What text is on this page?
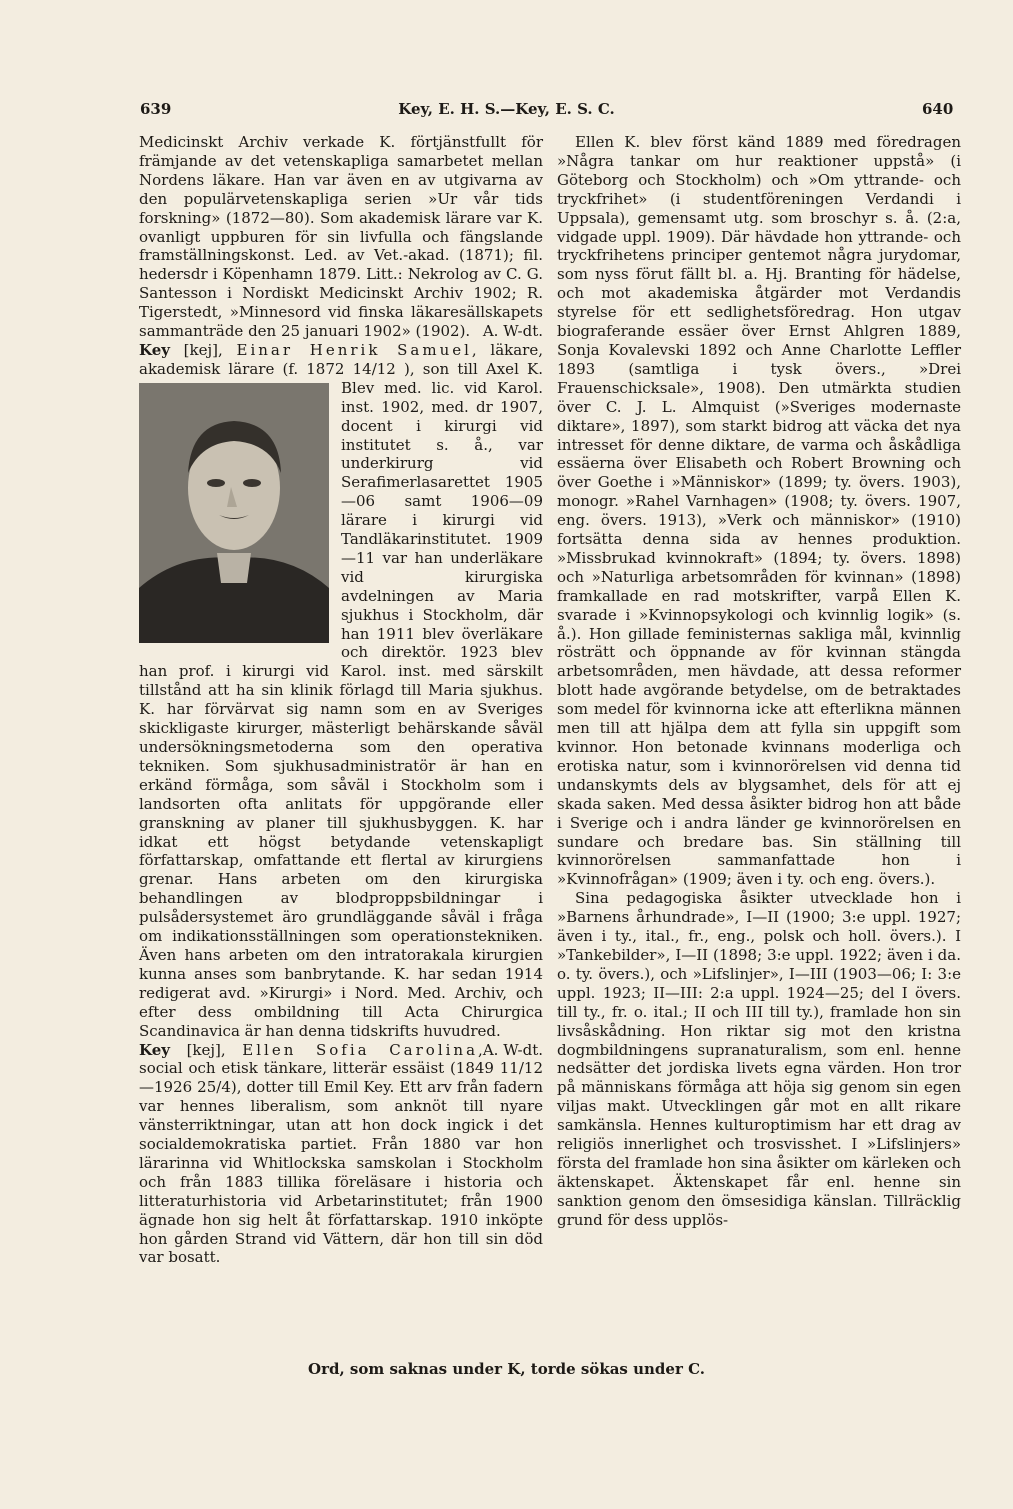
639	Key, E. H. S.—Key, E. S. C.	640

Medicinskt Archiv verkade K. förtjänstfullt för främjande av det vetenskapliga samarbetet mellan Nordens läkare. Han var även en av utgivarna av den populärvetenskapliga serien »Ur vår tids forskning» (1872—80). Som akademisk lärare var K. ovanligt uppburen för sin livfulla och fängslande framställningskonst. Led. av Vet.-akad. (1871); fil. hedersdr i Köpenhamn 1879. Litt.: Nekrolog av C. G. Santesson i Nordiskt Medicinskt Archiv 1902; R. Tigerstedt, »Minnesord vid finska läkaresällskapets sammanträde den 25 januari 1902» (1902). A. W-dt.

Key [kej], Einar Henrik Samuel, läkare, akademisk lärare (f. 1872 14/12 ), son till Axel K. Blev med. lic. vid Karol. inst. 1902, med. dr 1907, docent i kirurgi vid institutet s. å., var underkirurg vid Serafimerlasarettet 1905—06 samt 1906—09 lärare i kirurgi vid Tandläkarinstitutet. 1909—11 var han underläkare vid kirurgiska avdelningen av Maria sjukhus i Stockholm, där han 1911 blev överläkare och direktör. 1923 blev han prof. i kirurgi vid Karol. inst. med särskilt tillstånd att ha sin klinik förlagd till Maria sjukhus. K. har förvärvat sig namn som en av Sveriges skickligaste kirurger, mästerligt behärskande såväl undersökningsmetoderna som den operativa tekniken. Som sjukhusadministratör är han en erkänd förmåga, som såväl i Stockholm som i landsorten ofta anlitats för uppgörande eller granskning av planer till sjukhusbyggen. K. har idkat ett högst betydande vetenskapligt författarskap, omfattande ett flertal av kirurgiens grenar. Hans arbeten om den kirurgiska behandlingen av blodproppsbildningar i pulsådersystemet äro grundläggande såväl i fråga om indikationsställningen som operationstekniken. Även hans arbeten om den intratorakala kirurgien kunna anses som banbrytande. K. har sedan 1914 redigerat avd. »Kirurgi» i Nord. Med. Archiv, och efter dess ombildning till Acta Chirurgica Scandinavica är han denna tidskrifts huvudred.
A. W-dt.

Key [kej], Ellen Sofia Carolina, social och etisk tänkare, litterär essäist (1849 11/12—1926 25/4), dotter till Emil Key. Ett arv från fadern var hennes liberalism, som anknöt till nyare vänsterriktningar, utan att hon dock ingick i det socialdemokratiska partiet. Från 1880 var hon lärarinna vid Whitlockska samskolan i Stockholm och från 1883 tillika föreläsare i historia och litteraturhistoria vid Arbetarinstitutet; från 1900 ägnade hon sig helt åt författarskap. 1910 inköpte hon gården Strand vid Vättern, där hon till sin död var bosatt.

Ellen K. blev först känd 1889 med föredragen »Några tankar om hur reaktioner uppstå» (i Göteborg och Stockholm) och »Om yttrande- och tryckfrihet» (i studentföreningen Verdandi i Uppsala), gemensamt utg. som broschyr s. å. (2:a, vidgade uppl. 1909). Där hävdade hon yttrande- och tryckfrihetens principer gentemot några jurydomar, som nyss förut fällt bl. a. Hj. Branting för hädelse, och mot akademiska åtgärder mot Verdandis styrelse för ett sedlighetsföredrag. Hon utgav biograferande essäer över Ernst Ahlgren 1889, Sonja Kovalevski 1892 och Anne Charlotte Leffler 1893 (samtliga i tysk övers., »Drei Frauenschicksale», 1908). Den utmärkta studien över C. J. L. Almquist (»Sveriges modernaste diktare», 1897), som starkt bidrog att väcka det nya intresset för denne diktare, de varma och åskådliga essäerna över Elisabeth och Robert Browning och över Goethe i »Människor» (1899; ty. övers. 1903), monogr. »Rahel Varnhagen» (1908; ty. övers. 1907, eng. övers. 1913), »Verk och människor» (1910) fortsätta denna sida av hennes produktion. »Missbrukad kvinnokraft» (1894; ty. övers. 1898) och »Naturliga arbetsområden för kvinnan» (1898) framkallade en rad motskrifter, varpå Ellen K. svarade i »Kvinnopsykologi och kvinnlig logik» (s. å.). Hon gillade feministernas sakliga mål, kvinnlig rösträtt och öppnande av för kvinnan stängda arbetsområden, men hävdade, att dessa reformer blott hade avgörande betydelse, om de betraktades som medel för kvinnorna icke att efterlikna männen men till att hjälpa dem att fylla sin uppgift som kvinnor. Hon betonade kvinnans moderliga och erotiska natur, som i kvinnorörelsen vid denna tid undanskymts dels av blygsamhet, dels för att ej skada saken. Med dessa åsikter bidrog hon att både i Sverige och i andra länder ge kvinnorörelsen en sundare och bredare bas. Sin ställning till kvinnorörelsen sammanfattade hon i »Kvinnofrågan» (1909; även i ty. och eng. övers.).

Sina pedagogiska åsikter utvecklade hon i »Barnens århundrade», I—II (1900; 3:e uppl. 1927; även i ty., ital., fr., eng., polsk och holl. övers.). I »Tankebilder», I—II (1898; 3:e uppl. 1922; även i da. o. ty. övers.), och »Lifslinjer», I—III (1903—06; I: 3:e uppl. 1923; II—III: 2:a uppl. 1924—25; del I övers. till ty., fr. o. ital.; II och III till ty.), framlade hon sin livsåskådning. Hon riktar sig mot den kristna dogmbildningens supranaturalism, som enl. henne nedsätter det jordiska livets egna värden. Hon tror på människans förmåga att höja sig genom sin egen viljas makt. Utvecklingen går mot en allt rikare samkänsla. Hennes kulturoptimism har ett drag av religiös innerlighet och trosvisshet. I »Lifslinjers» första del framlade hon sina åsikter om kärleken och äktenskapet. Äktenskapet får enl. henne sin sanktion genom den ömsesidiga känslan. Tillräcklig grund för dess upplös-

Ord, som saknas under K, torde sökas under C.
